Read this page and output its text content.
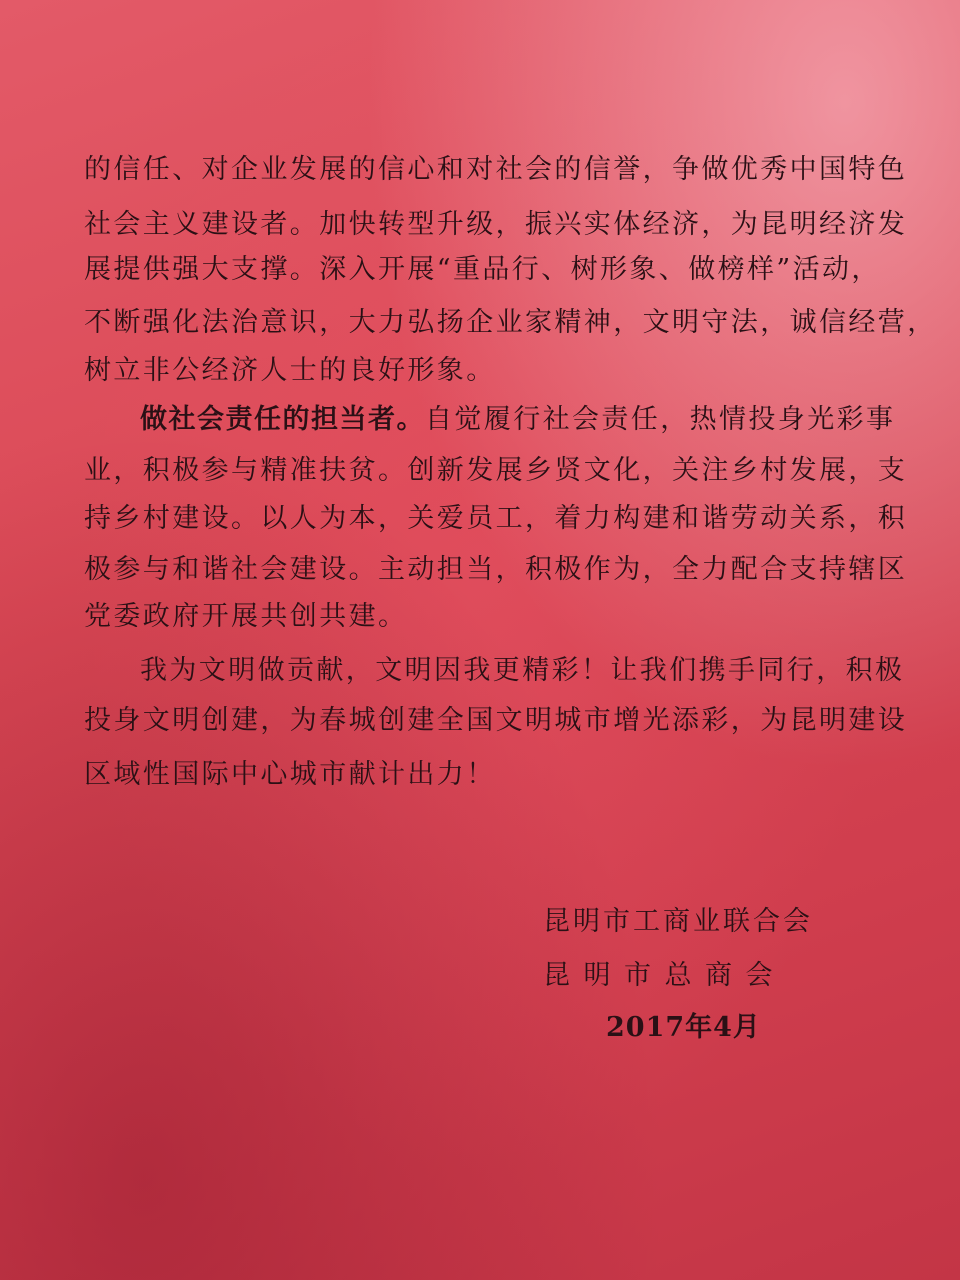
的信任、对企业发展的信心和对社会的信誉，争做优秀中国特色
社会主义建设者。加快转型升级，振兴实体经济，为昆明经济发
展提供强大支撑。深入开展“重品行、树形象、做榜样”活动，
不断强化法治意识，大力弘扬企业家精神，文明守法，诚信经营，
树立非公经济人士的良好形象。
做社会责任的担当者。自觉履行社会责任，热情投身光彩事
业，积极参与精准扶贫。创新发展乡贤文化，关注乡村发展，支
持乡村建设。以人为本，关爱员工，着力构建和谐劳动关系，积
极参与和谐社会建设。主动担当，积极作为，全力配合支持辖区
党委政府开展共创共建。
我为文明做贡献，文明因我更精彩！让我们携手同行，积极
投身文明创建，为春城创建全国文明城市增光添彩，为昆明建设
区域性国际中心城市献计出力！
昆明市工商业联合会
昆明市总商会
2017年4月
